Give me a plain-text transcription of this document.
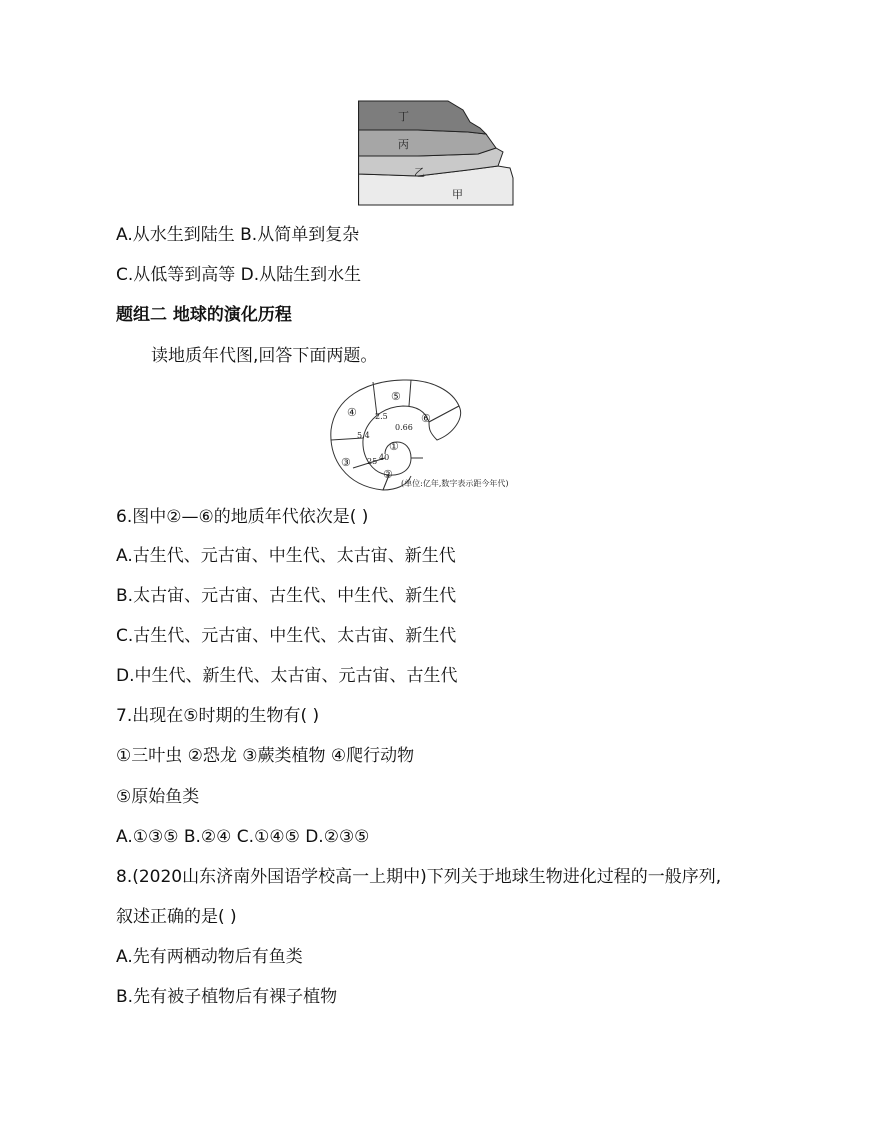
丁
丙
乙
甲
A.从水生到陆生 B.从简单到复杂
C.从低等到高等 D.从陆生到水生
题组二 地球的演化历程
读地质年代图,回答下面两题。
①
②
③
④
⑤
⑥
40
25
5.4
2.5
0.66
(单位:亿年,数字表示距今年代)
6.图中②—⑥的地质年代依次是( )
A.古生代、元古宙、中生代、太古宙、新生代
B.太古宙、元古宙、古生代、中生代、新生代
C.古生代、元古宙、中生代、太古宙、新生代
D.中生代、新生代、太古宙、元古宙、古生代
7.出现在⑤时期的生物有( )
①三叶虫 ②恐龙 ③蕨类植物 ④爬行动物
⑤原始鱼类
A.①③⑤ B.②④ C.①④⑤ D.②③⑤
8.(2020山东济南外国语学校高一上期中)下列关于地球生物进化过程的一般序列,
叙述正确的是( )
A.先有两栖动物后有鱼类
B.先有被子植物后有裸子植物
